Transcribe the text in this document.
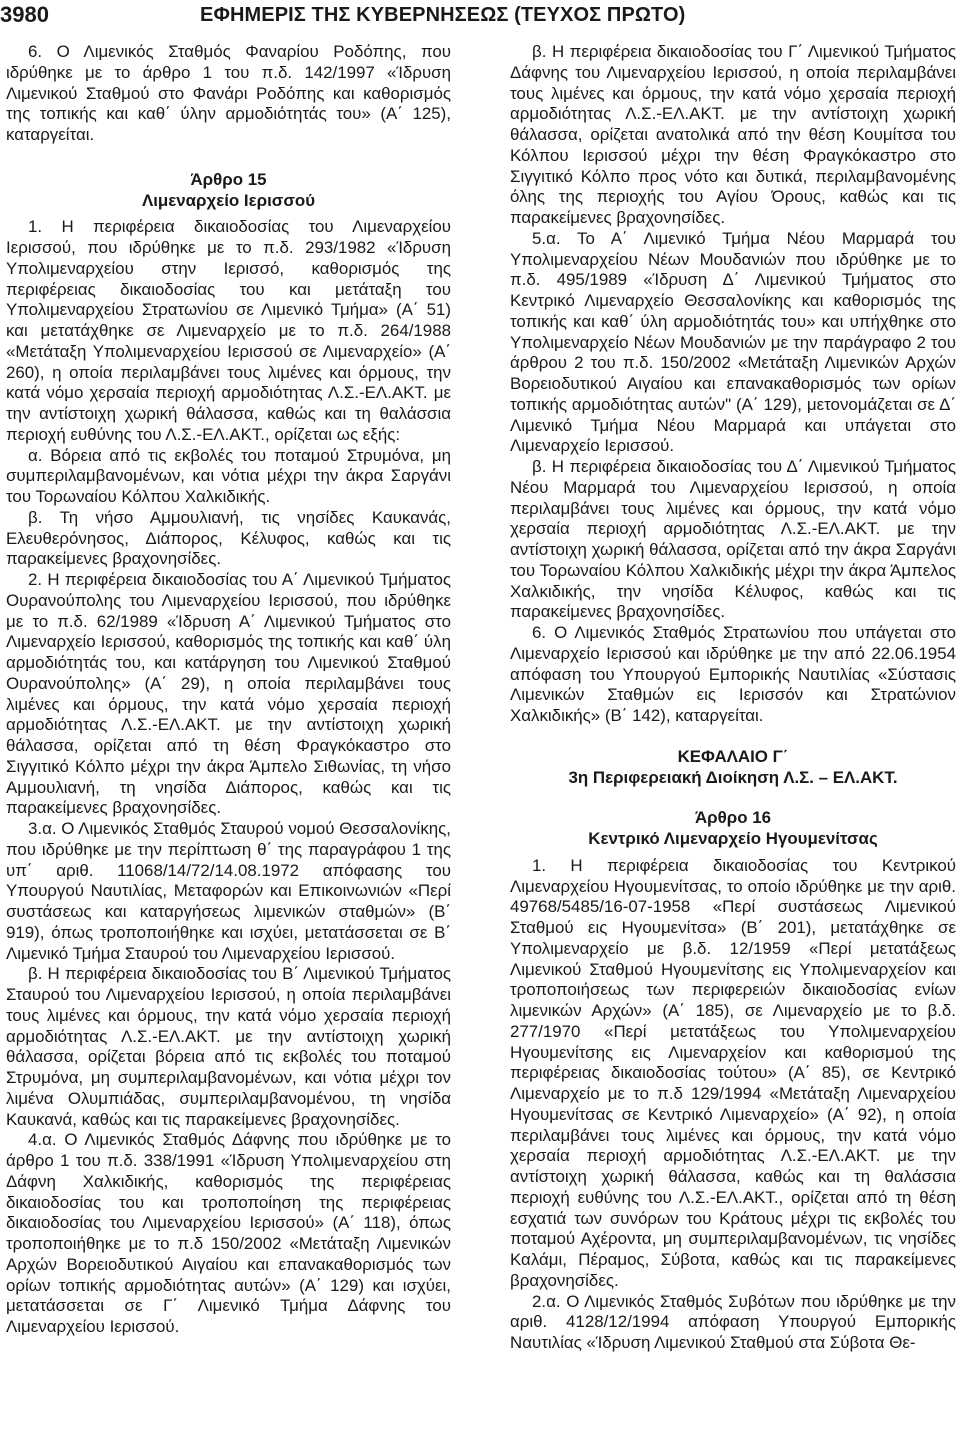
3980	ΕΦΗΜΕΡΙΣ ΤΗΣ ΚΥΒΕΡΝΗΣΕΩΣ (ΤΕΥΧΟΣ ΠΡΩΤΟ)

6. Ο Λιμενικός Σταθμός Φαναρίου Ροδόπης, που ιδρύθηκε με το άρθρο 1 του π.δ. 142/1997 «Ίδρυση Λιμενικού Σταθμού στο Φανάρι Ροδόπης και καθορισμός της τοπικής και καθ΄ ύλην αρμοδιότητάς του» (Α΄ 125), καταργείται.

Άρθρο 15

Λιμεναρχείο Ιερισσού

1. Η περιφέρεια δικαιοδοσίας του Λιμεναρχείου Ιερισσού, που ιδρύθηκε με το π.δ. 293/1982 «Ίδρυση Υπολιμεναρχείου στην Ιερισσό, καθορισμός της περιφέρειας δικαιοδοσίας του και μετάταξη του Υπολιμεναρχείου Στρατωνίου σε Λιμενικό Τμήμα» (Α΄ 51) και μετατάχθηκε σε Λιμεναρχείο με το π.δ. 264/1988 «Μετάταξη Υπολιμεναρχείου Ιερισσού σε Λιμεναρχείο» (Α΄ 260), η οποία περιλαμβάνει τους λιμένες και όρμους, την κατά νόμο χερσαία περιοχή αρμοδιότητας Λ.Σ.-ΕΛ.ΑΚΤ. με την αντίστοιχη χωρική θάλασσα, καθώς και τη θαλάσσια περιοχή ευθύνης του Λ.Σ.-ΕΛ.ΑΚΤ., ορίζεται ως εξής:

α. Βόρεια από τις εκβολές του ποταμού Στρυμόνα, μη συμπεριλαμβανομένων, και νότια μέχρι την άκρα Σαργάνι του Τορωναίου Κόλπου Χαλκιδικής.

β. Τη νήσο Αμμουλιανή, τις νησίδες Καυκανάς, Ελευθερόνησος, Διάπορος, Κέλυφος, καθώς και τις παρακείμενες βραχονησίδες.

2. Η περιφέρεια δικαιοδοσίας του Α΄ Λιμενικού Τμήματος Ουρανούπολης του Λιμεναρχείου Ιερισσού, που ιδρύθηκε με το π.δ. 62/1989 «Ίδρυση Α΄ Λιμενικού Τμήματος στο Λιμεναρχείο Ιερισσού, καθορισμός της τοπικής και καθ΄ ύλη αρμοδιότητάς του, και κατάργηση του Λιμενικού Σταθμού Ουρανούπολης» (Α΄ 29), η οποία περιλαμβάνει τους λιμένες και όρμους, την κατά νόμο χερσαία περιοχή αρμοδιότητας Λ.Σ.-ΕΛ.ΑΚΤ. με την αντίστοιχη χωρική θάλασσα, ορίζεται από τη θέση Φραγκόκαστρο στο Σιγγιτικό Κόλπο μέχρι την άκρα Άμπελο Σιθωνίας, τη νήσο Αμμουλιανή, τη νησίδα Διάπορος, καθώς και τις παρακείμενες βραχονησίδες.

3.α. Ο Λιμενικός Σταθμός Σταυρού νομού Θεσσαλονίκης, που ιδρύθηκε με την περίπτωση θ΄ της παραγράφου 1 της υπ΄ αριθ. 11068/14/72/14.08.1972 απόφασης του Υπουργού Ναυτιλίας, Μεταφορών και Επικοινωνιών «Περί συστάσεως και καταργήσεως λιμενικών σταθμών» (Β΄ 919), όπως τροποποιήθηκε και ισχύει, μετατάσσεται σε Β΄ Λιμενικό Τμήμα Σταυρού του Λιμεναρχείου Ιερισσού.

β. Η περιφέρεια δικαιοδοσίας του Β΄ Λιμενικού Τμήματος Σταυρού του Λιμεναρχείου Ιερισσού, η οποία περιλαμβάνει τους λιμένες και όρμους, την κατά νόμο χερσαία περιοχή αρμοδιότητας Λ.Σ.-ΕΛ.ΑΚΤ. με την αντίστοιχη χωρική θάλασσα, ορίζεται βόρεια από τις εκβολές του ποταμού Στρυμόνα, μη συμπεριλαμβανομένων, και νότια μέχρι τον λιμένα Ολυμπιάδας, συμπεριλαμβανομένου, τη νησίδα Καυκανά, καθώς και τις παρακείμενες βραχονησίδες.

4.α. Ο Λιμενικός Σταθμός Δάφνης που ιδρύθηκε με το άρθρο 1 του π.δ. 338/1991 «Ίδρυση Υπολιμεναρχείου στη Δάφνη Χαλκιδικής, καθορισμός της περιφέρειας δικαιοδοσίας του και τροποποίηση της περιφέρειας δικαιοδοσίας του Λιμεναρχείου Ιερισσού» (Α΄ 118), όπως τροποποιήθηκε με το π.δ 150/2002 «Μετάταξη Λιμενικών Αρχών Βορειοδυτικού Αιγαίου και επανακαθορισμός των ορίων τοπικής αρμοδιότητας αυτών» (Α΄ 129) και ισχύει, μετατάσσεται σε Γ΄ Λιμενικό Τμήμα Δάφνης του Λιμεναρχείου Ιερισσού.

β. Η περιφέρεια δικαιοδοσίας του Γ΄ Λιμενικού Τμήματος Δάφνης του Λιμεναρχείου Ιερισσού, η οποία περιλαμβάνει τους λιμένες και όρμους, την κατά νόμο χερσαία περιοχή αρμοδιότητας Λ.Σ.-ΕΛ.ΑΚΤ. με την αντίστοιχη χωρική θάλασσα, ορίζεται ανατολικά από την θέση Κουμίτσα του Κόλπου Ιερισσού μέχρι την θέση Φραγκόκαστρο στο Σιγγιτικό Κόλπο προς νότο και δυτικά, περιλαμβανομένης όλης της περιοχής του Αγίου Όρους, καθώς και τις παρακείμενες βραχονησίδες.

5.α. Το Α΄ Λιμενικό Τμήμα Νέου Μαρμαρά του Υπολιμεναρχείου Νέων Μουδανιών που ιδρύθηκε με το π.δ. 495/1989 «Ίδρυση Δ΄ Λιμενικού Τμήματος στο Κεντρικό Λιμεναρχείο Θεσσαλονίκης και καθορισμός της τοπικής και καθ΄ ύλη αρμοδιότητάς του» και υπήχθηκε στο Υπολιμεναρχείο Νέων Μουδανιών με την παράγραφο 2 του άρθρου 2 του π.δ. 150/2002 «Μετάταξη Λιμενικών Αρχών Βορειοδυτικού Αιγαίου και επανακαθορισμός των ορίων τοπικής αρμοδιότητας αυτών" (Α΄ 129), μετονομάζεται σε Δ΄ Λιμενικό Τμήμα Νέου Μαρμαρά και υπάγεται στο Λιμεναρχείο Ιερισσού.

β. Η περιφέρεια δικαιοδοσίας του Δ΄ Λιμενικού Τμήματος Νέου Μαρμαρά του Λιμεναρχείου Ιερισσού, η οποία περιλαμβάνει τους λιμένες και όρμους, την κατά νόμο χερσαία περιοχή αρμοδιότητας Λ.Σ.-ΕΛ.ΑΚΤ. με την αντίστοιχη χωρική θάλασσα, ορίζεται από την άκρα Σαργάνι του Τορωναίου Κόλπου Χαλκιδικής μέχρι την άκρα Άμπελος Χαλκιδικής, την νησίδα Κέλυφος, καθώς και τις παρακείμενες βραχονησίδες.

6. Ο Λιμενικός Σταθμός Στρατωνίου που υπάγεται στο Λιμεναρχείο Ιερισσού και ιδρύθηκε με την από 22.06.1954 απόφαση του Υπουργού Εμπορικής Ναυτιλίας «Σύστασις Λιμενικών Σταθμών εις Ιερισσόν και Στρατώνιον Χαλκιδικής» (Β΄ 142), καταργείται.

ΚΕΦΑΛΑΙΟ Γ΄

3η Περιφερειακή Διοίκηση Λ.Σ. – ΕΛ.ΑΚΤ.

Άρθρο 16

Κεντρικό Λιμεναρχείο Ηγουμενίτσας

1. Η περιφέρεια δικαιοδοσίας του Κεντρικού Λιμεναρχείου Ηγουμενίτσας, το οποίο ιδρύθηκε με την αριθ. 49768/5485/16-07-1958 «Περί συστάσεως Λιμενικού Σταθμού εις Ηγουμενίτσα» (Β΄ 201), μετατάχθηκε σε Υπολιμεναρχείο με β.δ. 12/1959 «Περί μετατάξεως Λιμενικού Σταθμού Ηγουμενίτσης εις Υπολιμεναρχείον και τροποποιήσεως των περιφερειών δικαιοδοσίας ενίων λιμενικών Αρχών» (Α΄ 185), σε Λιμεναρχείο με το β.δ. 277/1970 «Περί μετατάξεως του Υπολιμεναρχείου Ηγουμενίτσης εις Λιμεναρχείον και καθορισμού της περιφέρειας δικαιοδοσίας τούτου» (Α΄ 85), σε Κεντρικό Λιμεναρχείο με το π.δ 129/1994 «Μετάταξη Λιμεναρχείου Ηγουμενίτσας σε Κεντρικό Λιμεναρχείο» (Α΄ 92), η οποία περιλαμβάνει τους λιμένες και όρμους, την κατά νόμο χερσαία περιοχή αρμοδιότητας Λ.Σ.-ΕΛ.ΑΚΤ. με την αντίστοιχη χωρική θάλασσα, καθώς και τη θαλάσσια περιοχή ευθύνης του Λ.Σ.-ΕΛ.ΑΚΤ., ορίζεται από τη θέση εσχατιά των συνόρων του Κράτους μέχρι τις εκβολές του ποταμού Αχέροντα, μη συμπεριλαμβανομένων, τις νησίδες Καλάμι, Πέραμος, Σύβοτα, καθώς και τις παρακείμενες βραχονησίδες.

2.α. Ο Λιμενικός Σταθμός Συβότων που ιδρύθηκε με την αριθ. 4128/12/1994 απόφαση Υπουργού Εμπορικής Ναυτιλίας «Ίδρυση Λιμενικού Σταθμού στα Σύβοτα Θε-
